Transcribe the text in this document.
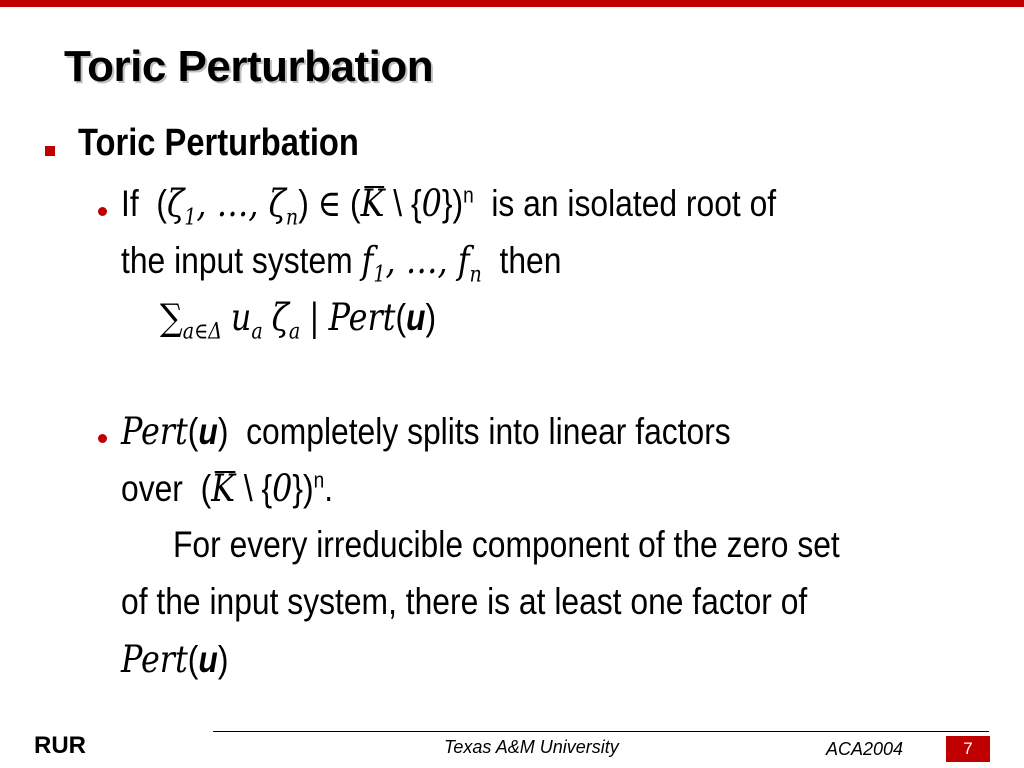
Toric Perturbation
Toric Perturbation
If  ($\zeta_1$, …, $\zeta_n$) ∈ (K \ {0})$^n$ is an isolated root of
the input system $f_1$, …, $f_n$ then
$\sum_{a\in\Delta}$ $u_a$ $\zeta_a$ | Pert(u)
Pert(u)  completely splits into linear factors
over  (K \ {0})$^n$.
For every irreducible component of the zero set
of the input system, there is at least one factor of
Pert(u)
RUR	Texas A&M University	ACA2004	7
